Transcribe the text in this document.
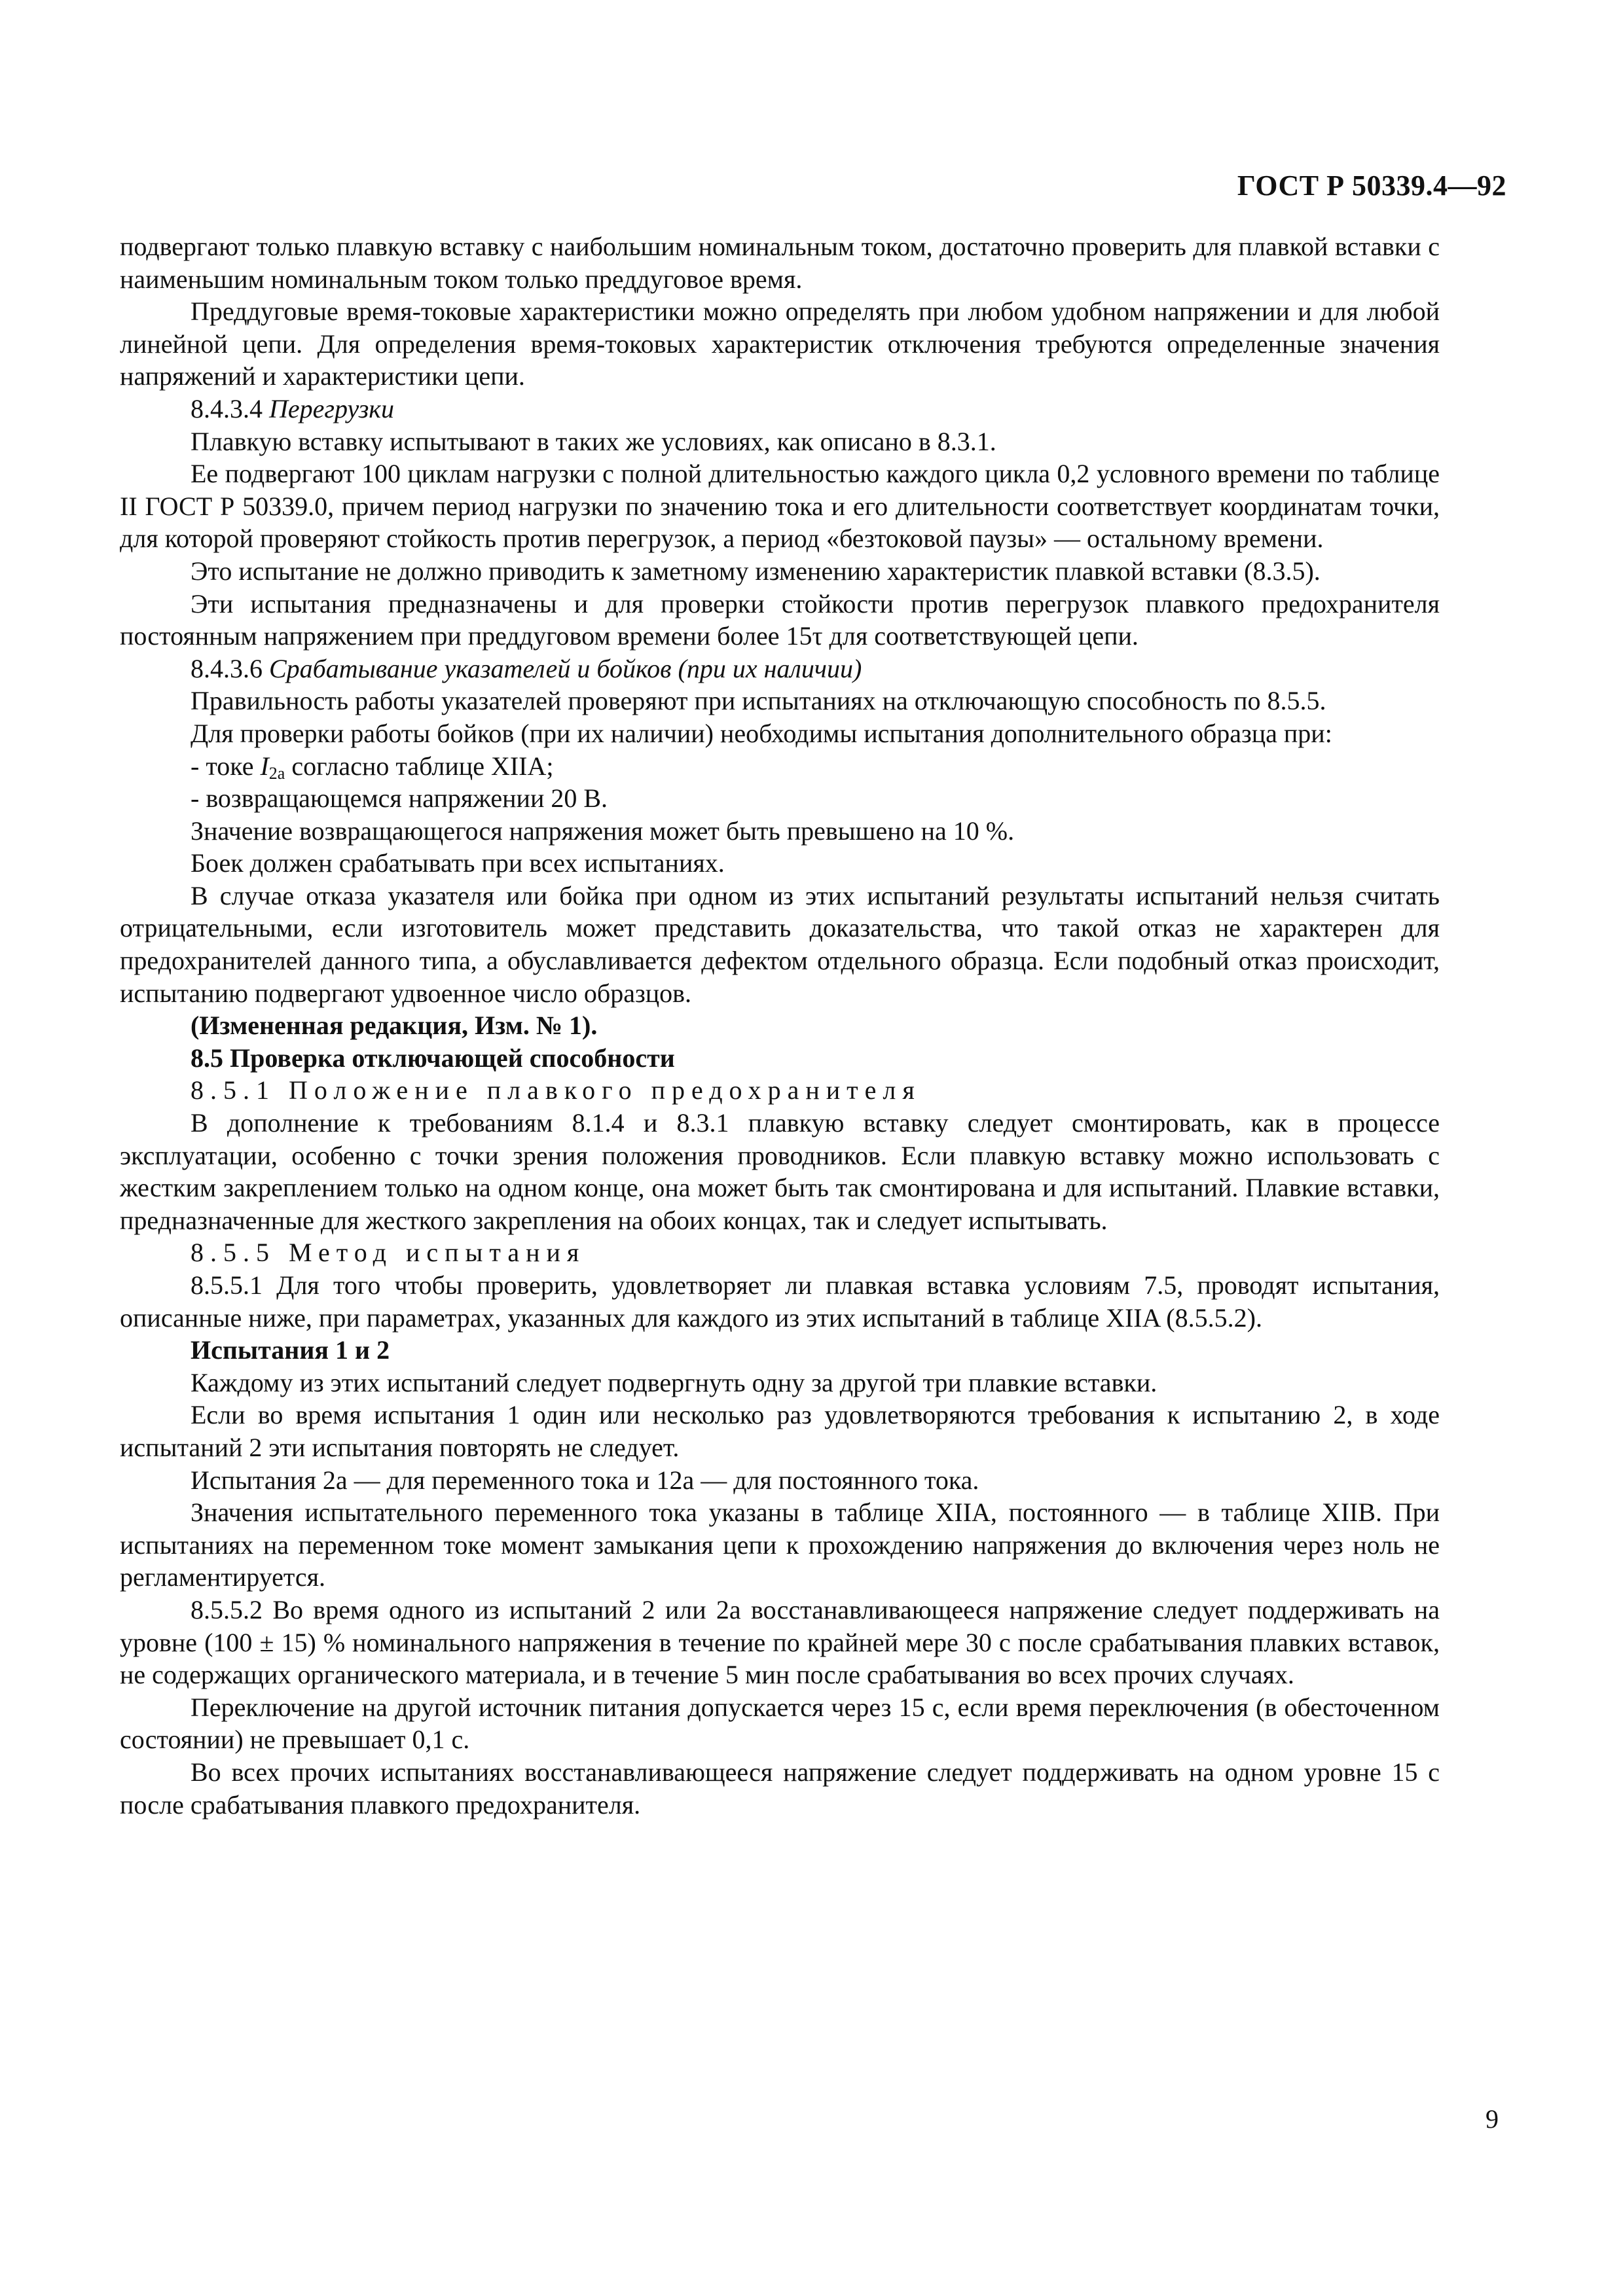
ГОСТ Р 50339.4—92

подвергают только плавкую вставку с наибольшим номинальным током, достаточно проверить для плавкой вставки с наименьшим номинальным током только преддуговое время.

Преддуговые время-токовые характеристики можно определять при любом удобном напряжении и для любой линейной цепи. Для определения время-токовых характеристик отключения требуются определенные значения напряжений и характеристики цепи.

8.4.3.4 Перегрузки

Плавкую вставку испытывают в таких же условиях, как описано в 8.3.1.

Ее подвергают 100 циклам нагрузки с полной длительностью каждого цикла 0,2 условного времени по таблице II ГОСТ Р 50339.0, причем период нагрузки по значению тока и его длительности соответствует координатам точки, для которой проверяют стойкость против перегрузок, а период «безтоковой паузы» — остальному времени.

Это испытание не должно приводить к заметному изменению характеристик плавкой вставки (8.3.5).

Эти испытания предназначены и для проверки стойкости против перегрузок плавкого предохранителя постоянным напряжением при преддуговом времени более 15τ для соответствующей цепи.

8.4.3.6 Срабатывание указателей и бойков (при их наличии)

Правильность работы указателей проверяют при испытаниях на отключающую способность по 8.5.5.

Для проверки работы бойков (при их наличии) необходимы испытания дополнительного образца при:

- токе $I_{2a}$ согласно таблице XIIA;

- возвращающемся напряжении 20 В.

Значение возвращающегося напряжения может быть превышено на 10 %.

Боек должен срабатывать при всех испытаниях.

В случае отказа указателя или бойка при одном из этих испытаний результаты испытаний нельзя считать отрицательными, если изготовитель может представить доказательства, что такой отказ не характерен для предохранителей данного типа, а обуславливается дефектом отдельного образца. Если подобный отказ происходит, испытанию подвергают удвоенное число образцов.

(Измененная редакция, Изм. № 1).

8.5 Проверка отключающей способности

8.5.1 Положение плавкого предохранителя

В дополнение к требованиям 8.1.4 и 8.3.1 плавкую вставку следует смонтировать, как в процессе эксплуатации, особенно с точки зрения положения проводников. Если плавкую вставку можно использовать с жестким закреплением только на одном конце, она может быть так смонтирована и для испытаний. Плавкие вставки, предназначенные для жесткого закрепления на обоих концах, так и следует испытывать.

8.5.5 Метод испытания

8.5.5.1 Для того чтобы проверить, удовлетворяет ли плавкая вставка условиям 7.5, проводят испытания, описанные ниже, при параметрах, указанных для каждого из этих испытаний в таблице XIIA (8.5.5.2).

Испытания 1 и 2

Каждому из этих испытаний следует подвергнуть одну за другой три плавкие вставки.

Если во время испытания 1 один или несколько раз удовлетворяются требования к испытанию 2, в ходе испытаний 2 эти испытания повторять не следует.

Испытания 2а — для переменного тока и 12а — для постоянного тока.

Значения испытательного переменного тока указаны в таблице XIIA, постоянного — в таблице XIIB. При испытаниях на переменном токе момент замыкания цепи к прохождению напряжения до включения через ноль не регламентируется.

8.5.5.2 Во время одного из испытаний 2 или 2а восстанавливающееся напряжение следует поддерживать на уровне (100 ± 15) % номинального напряжения в течение по крайней мере 30 с после срабатывания плавких вставок, не содержащих органического материала, и в течение 5 мин после срабатывания во всех прочих случаях.

Переключение на другой источник питания допускается через 15 с, если время переключения (в обесточенном состоянии) не превышает 0,1 с.

Во всех прочих испытаниях восстанавливающееся напряжение следует поддерживать на одном уровне 15 с после срабатывания плавкого предохранителя.

9
